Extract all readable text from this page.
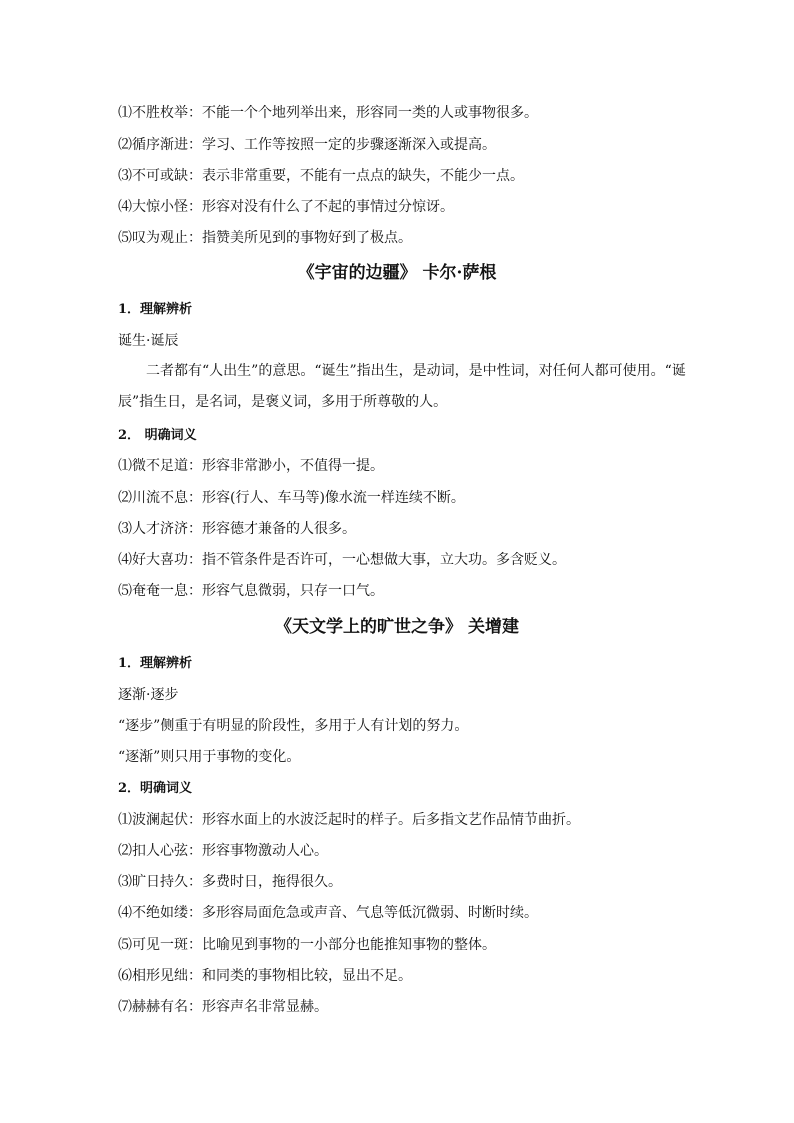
⑴不胜枚举：不能一个个地列举出来，形容同一类的人或事物很多。
⑵循序渐进：学习、工作等按照一定的步骤逐渐深入或提高。
⑶不可或缺：表示非常重要，不能有一点点的缺失，不能少一点。
⑷大惊小怪：形容对没有什么了不起的事情过分惊讶。
⑸叹为观止：指赞美所见到的事物好到了极点。
《宇宙的边疆》 卡尔·萨根
1．理解辨析
诞生·诞辰
二者都有“人出生”的意思。“诞生”指出生，是动词，是中性词，对任何人都可使用。“诞辰”指生日，是名词，是褒义词，多用于所尊敬的人。
2． 明确词义
⑴微不足道：形容非常渺小，不值得一提。
⑵川流不息：形容(行人、车马等)像水流一样连续不断。
⑶人才济济：形容德才兼备的人很多。
⑷好大喜功：指不管条件是否许可，一心想做大事，立大功。多含贬义。
⑸奄奄一息：形容气息微弱，只存一口气。
《天文学上的旷世之争》 关增建
1．理解辨析
逐渐·逐步
“逐步”侧重于有明显的阶段性，多用于人有计划的努力。
“逐渐”则只用于事物的变化。
2．明确词义
⑴波澜起伏：形容水面上的水波泛起时的样子。后多指文艺作品情节曲折。
⑵扣人心弦：形容事物激动人心。
⑶旷日持久：多费时日，拖得很久。
⑷不绝如缕：多形容局面危急或声音、气息等低沉微弱、时断时续。
⑸可见一斑：比喻见到事物的一小部分也能推知事物的整体。
⑹相形见绌：和同类的事物相比较，显出不足。
⑺赫赫有名：形容声名非常显赫。
